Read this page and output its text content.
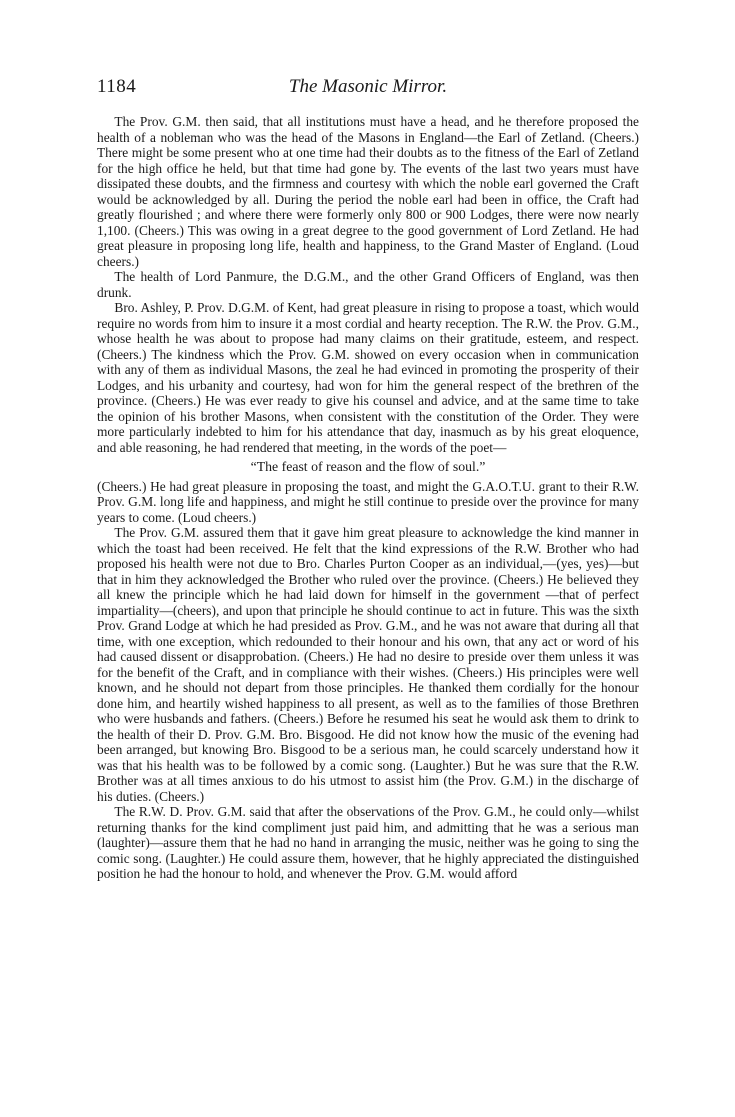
1184	The Masonic Mirror.

The Prov. G.M. then said, that all institutions must have a head, and he therefore proposed the health of a nobleman who was the head of the Masons in England—the Earl of Zetland. (Cheers.) There might be some present who at one time had their doubts as to the fitness of the Earl of Zetland for the high office he held, but that time had gone by. The events of the last two years must have dissipated these doubts, and the firmness and courtesy with which the noble earl governed the Craft would be acknowledged by all. During the period the noble earl had been in office, the Craft had greatly flourished ; and where there were formerly only 800 or 900 Lodges, there were now nearly 1,100. (Cheers.) This was owing in a great degree to the good government of Lord Zetland. He had great pleasure in proposing long life, health and happiness, to the Grand Master of England. (Loud cheers.)

The health of Lord Panmure, the D.G.M., and the other Grand Officers of England, was then drunk.

Bro. Ashley, P. Prov. D.G.M. of Kent, had great pleasure in rising to propose a toast, which would require no words from him to insure it a most cordial and hearty reception. The R.W. the Prov. G.M., whose health he was about to propose had many claims on their gratitude, esteem, and respect. (Cheers.) The kindness which the Prov. G.M. showed on every occasion when in communication with any of them as individual Masons, the zeal he had evinced in promoting the prosperity of their Lodges, and his urbanity and courtesy, had won for him the general respect of the brethren of the province. (Cheers.) He was ever ready to give his counsel and advice, and at the same time to take the opinion of his brother Masons, when consistent with the constitution of the Order. They were more particularly indebted to him for his attendance that day, inasmuch as by his great eloquence, and able reasoning, he had rendered that meeting, in the words of the poet—

“The feast of reason and the flow of soul.”

(Cheers.) He had great pleasure in proposing the toast, and might the G.A.O.T.U. grant to their R.W. Prov. G.M. long life and happiness, and might he still continue to preside over the province for many years to come. (Loud cheers.)

The Prov. G.M. assured them that it gave him great pleasure to acknowledge the kind manner in which the toast had been received. He felt that the kind expressions of the R.W. Brother who had proposed his health were not due to Bro. Charles Purton Cooper as an individual,—(yes, yes)—but that in him they acknowledged the Brother who ruled over the province. (Cheers.) He believed they all knew the principle which he had laid down for himself in the government —that of perfect impartiality—(cheers), and upon that principle he should continue to act in future. This was the sixth Prov. Grand Lodge at which he had presided as Prov. G.M., and he was not aware that during all that time, with one exception, which redounded to their honour and his own, that any act or word of his had caused dissent or disapprobation. (Cheers.) He had no desire to preside over them unless it was for the benefit of the Craft, and in compliance with their wishes. (Cheers.) His principles were well known, and he should not depart from those principles. He thanked them cordially for the honour done him, and heartily wished happiness to all present, as well as to the families of those Brethren who were husbands and fathers. (Cheers.) Before he resumed his seat he would ask them to drink to the health of their D. Prov. G.M. Bro. Bisgood. He did not know how the music of the evening had been arranged, but knowing Bro. Bisgood to be a serious man, he could scarcely understand how it was that his health was to be followed by a comic song. (Laughter.) But he was sure that the R.W. Brother was at all times anxious to do his utmost to assist him (the Prov. G.M.) in the discharge of his duties. (Cheers.)

The R.W. D. Prov. G.M. said that after the observations of the Prov. G.M., he could only—whilst returning thanks for the kind compliment just paid him, and admitting that he was a serious man (laughter)—assure them that he had no hand in arranging the music, neither was he going to sing the comic song. (Laughter.) He could assure them, however, that he highly appreciated the distinguished position he had the honour to hold, and whenever the Prov. G.M. would afford
